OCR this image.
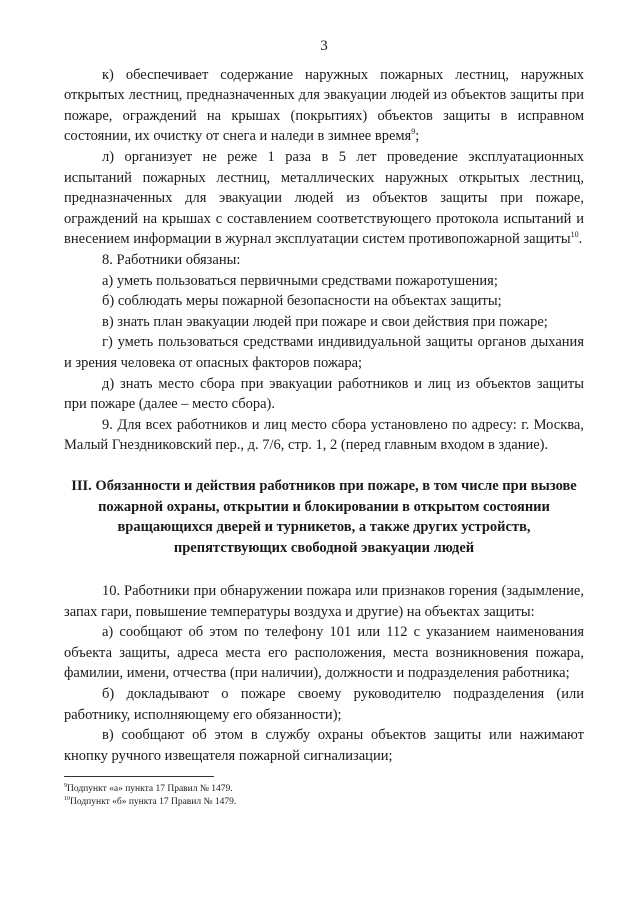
3

к) обеспечивает содержание наружных пожарных лестниц, наружных открытых лестниц, предназначенных для эвакуации людей из объектов защиты при пожаре, ограждений на крышах (покрытиях) объектов защиты в исправном состоянии, их очистку от снега и наледи в зимнее время$^9$;

л) организует не реже 1 раза в 5 лет проведение эксплуатационных испытаний пожарных лестниц, металлических наружных открытых лестниц, предназначенных для эвакуации людей из объектов защиты при пожаре, ограждений на крышах с составлением соответствующего протокола испытаний и внесением информации в журнал эксплуатации систем противопожарной защиты$^{10}$.

8. Работники обязаны:

а) уметь пользоваться первичными средствами пожаротушения;

б) соблюдать меры пожарной безопасности на объектах защиты;

в) знать план эвакуации людей при пожаре и свои действия при пожаре;

г) уметь пользоваться средствами индивидуальной защиты органов дыхания и зрения человека от опасных факторов пожара;

д) знать место сбора при эвакуации работников и лиц из объектов защиты при пожаре (далее – место сбора).

9. Для всех работников и лиц место сбора установлено по адресу: г. Москва, Малый Гнездниковский пер., д. 7/6, стр. 1, 2 (перед главным входом в здание).

III. Обязанности и действия работников при пожаре, в том числе при вызове пожарной охраны, открытии и блокировании в открытом состоянии вращающихся дверей и турникетов, а также других устройств, препятствующих свободной эвакуации людей

10. Работники при обнаружении пожара или признаков горения (задымление, запах гари, повышение температуры воздуха и другие) на объектах защиты:

а) сообщают об этом по телефону 101 или 112 с указанием наименования объекта защиты, адреса места его расположения, места возникновения пожара, фамилии, имени, отчества (при наличии), должности и подразделения работника;

б) докладывают о пожаре своему руководителю подразделения (или работнику, исполняющему его обязанности);

в) сообщают об этом в службу охраны объектов защиты или нажимают кнопку ручного извещателя пожарной сигнализации;

$^9$Подпункт «а» пункта 17 Правил № 1479.

$^{10}$Подпункт «б» пункта 17 Правил № 1479.
